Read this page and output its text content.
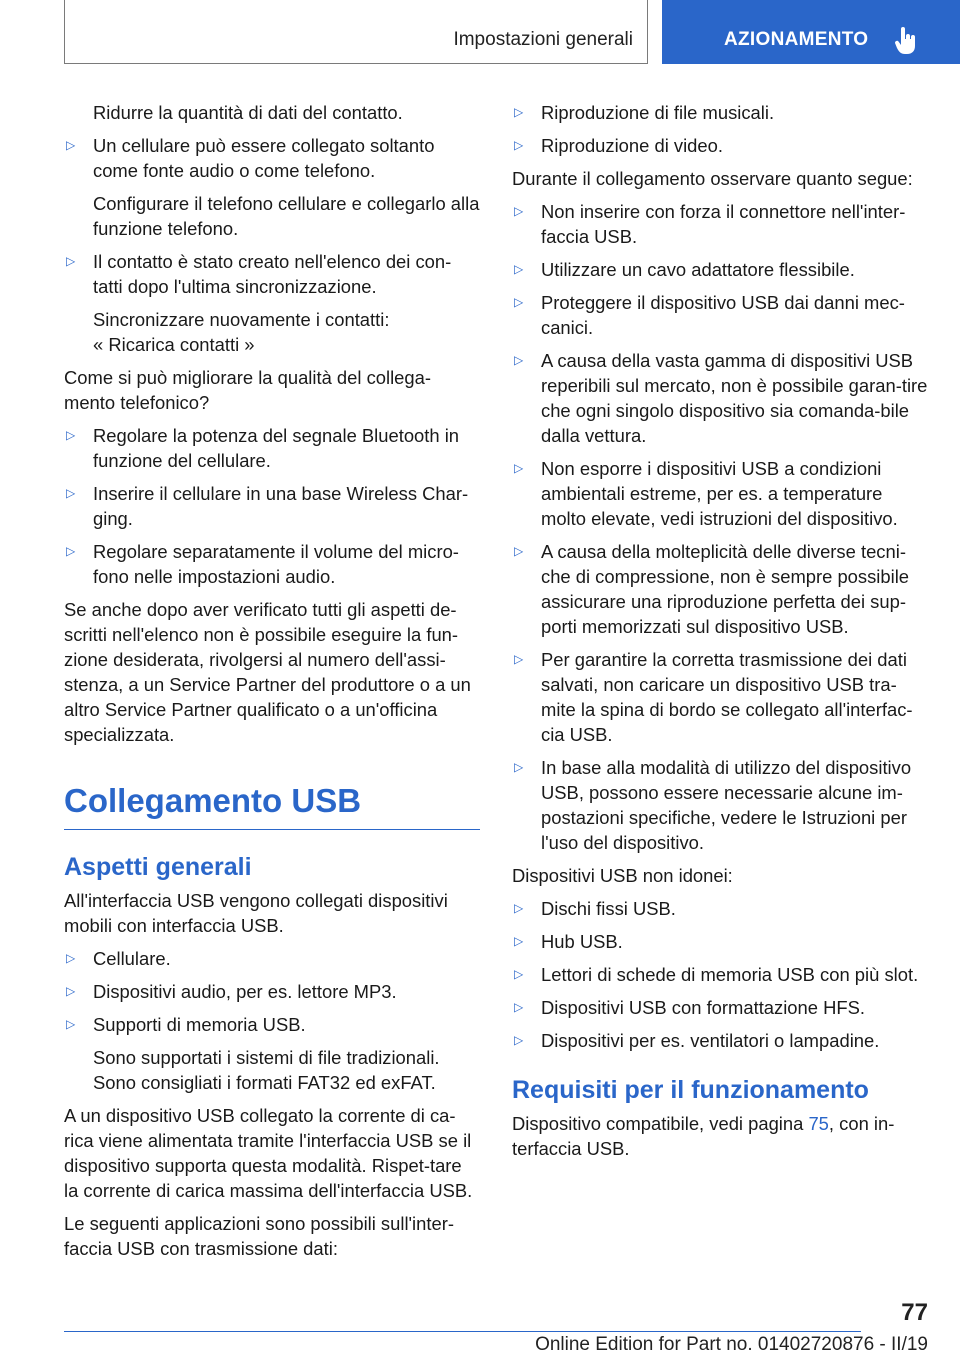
Impostazioni generali	AZIONAMENTO
Ridurre la quantità di dati del contatto.
▷ Un cellulare può essere collegato soltanto come fonte audio o come telefono.
Configurare il telefono cellulare e collegarlo alla funzione telefono.
▷ Il contatto è stato creato nell'elenco dei con‐tatti dopo l'ultima sincronizzazione.
Sincronizzare nuovamente i contatti:
« Ricarica contatti »
Come si può migliorare la qualità del collega‐mento telefonico?
▷ Regolare la potenza del segnale Bluetooth in funzione del cellulare.
▷ Inserire il cellulare in una base Wireless Char‐ging.
▷ Regolare separatamente il volume del micro‐fono nelle impostazioni audio.
Se anche dopo aver verificato tutti gli aspetti de‐scritti nell'elenco non è possibile eseguire la fun‐zione desiderata, rivolgersi al numero dell'assi‐stenza, a un Service Partner del produttore o a un altro Service Partner qualificato o a un'officina specializzata.
Collegamento USB
Aspetti generali
All'interfaccia USB vengono collegati dispositivi mobili con interfaccia USB.
▷ Cellulare.
▷ Dispositivi audio, per es. lettore MP3.
▷ Supporti di memoria USB.
Sono supportati i sistemi di file tradizionali. Sono consigliati i formati FAT32 ed exFAT.
A un dispositivo USB collegato la corrente di ca‐rica viene alimentata tramite l'interfaccia USB se il dispositivo supporta questa modalità. Rispet‐tare la corrente di carica massima dell'interfaccia USB.
Le seguenti applicazioni sono possibili sull'inter‐faccia USB con trasmissione dati:
▷ Riproduzione di file musicali.
▷ Riproduzione di video.
Durante il collegamento osservare quanto segue:
▷ Non inserire con forza il connettore nell'inter‐faccia USB.
▷ Utilizzare un cavo adattatore flessibile.
▷ Proteggere il dispositivo USB dai danni mec‐canici.
▷ A causa della vasta gamma di dispositivi USB reperibili sul mercato, non è possibile garan‐tire che ogni singolo dispositivo sia comanda‐bile dalla vettura.
▷ Non esporre i dispositivi USB a condizioni ambientali estreme, per es. a temperature molto elevate, vedi istruzioni del dispositivo.
▷ A causa della molteplicità delle diverse tecni‐che di compressione, non è sempre possibile assicurare una riproduzione perfetta dei sup‐porti memorizzati sul dispositivo USB.
▷ Per garantire la corretta trasmissione dei dati salvati, non caricare un dispositivo USB tra‐mite la spina di bordo se collegato all'interfac‐cia USB.
▷ In base alla modalità di utilizzo del dispositivo USB, possono essere necessarie alcune im‐postazioni specifiche, vedere le Istruzioni per l'uso del dispositivo.
Dispositivi USB non idonei:
▷ Dischi fissi USB.
▷ Hub USB.
▷ Lettori di schede di memoria USB con più slot.
▷ Dispositivi USB con formattazione HFS.
▷ Dispositivi per es. ventilatori o lampadine.
Requisiti per il funzionamento
Dispositivo compatibile, vedi pagina 75, con in‐terfaccia USB.
77
Online Edition for Part no. 01402720876 - II/19
